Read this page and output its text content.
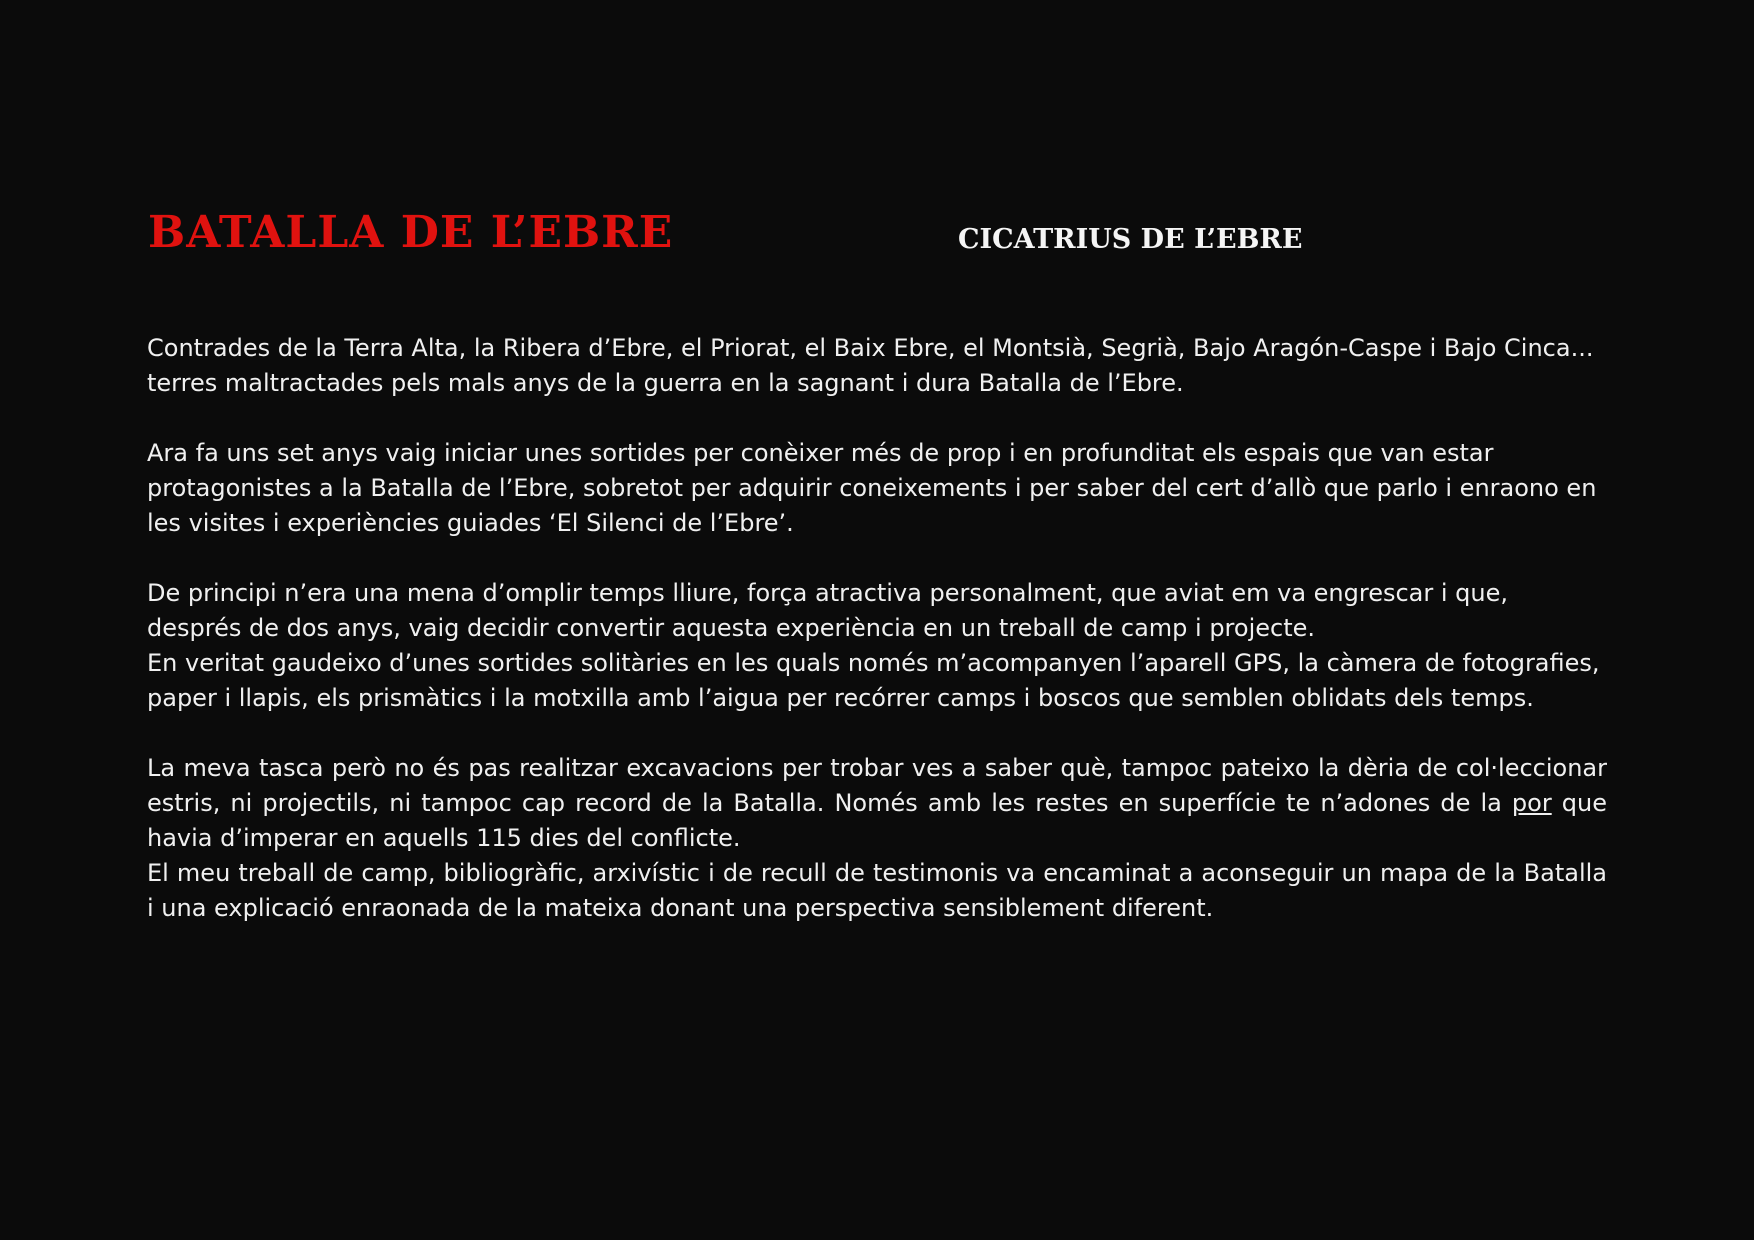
BATALLA DE L’EBRE	CICATRIUS DE L’EBRE

Contrades de la Terra Alta, la Ribera d’Ebre, el Priorat, el Baix Ebre, el Montsià, Segrià, Bajo Aragón-Caspe i Bajo Cinca... terres maltractades pels mals anys de la guerra en la sagnant i dura Batalla de l’Ebre.

Ara fa uns set anys vaig iniciar unes sortides per conèixer més de prop i en profunditat els espais que van estar protagonistes a la Batalla de l’Ebre, sobretot per adquirir coneixements i per saber del cert d’allò que parlo i enraono en les visites i experiències guiades ‘El Silenci de l’Ebre’.

De principi n’era una mena d’omplir temps lliure, força atractiva personalment, que aviat em va engrescar i que, després de dos anys, vaig decidir convertir aquesta experiència en un treball de camp i projecte.

En veritat gaudeixo d’unes sortides solitàries en les quals només m’acompanyen l’aparell GPS, la càmera de fotografies, paper i llapis, els prismàtics i la motxilla amb l’aigua per recórrer camps i boscos que semblen oblidats dels temps.

La meva tasca però no és pas realitzar excavacions per trobar ves a saber què, tampoc pateixo la dèria de col·leccionar estris, ni projectils, ni tampoc cap record de la Batalla. Només amb les restes en superfície te n’adones de la por que havia d’imperar en aquells 115 dies del conflicte.

El meu treball de camp, bibliogràfic, arxivístic i de recull de testimonis va encaminat a aconseguir un mapa de la Batalla i una explicació enraonada de la mateixa donant una perspectiva sensiblement diferent.
